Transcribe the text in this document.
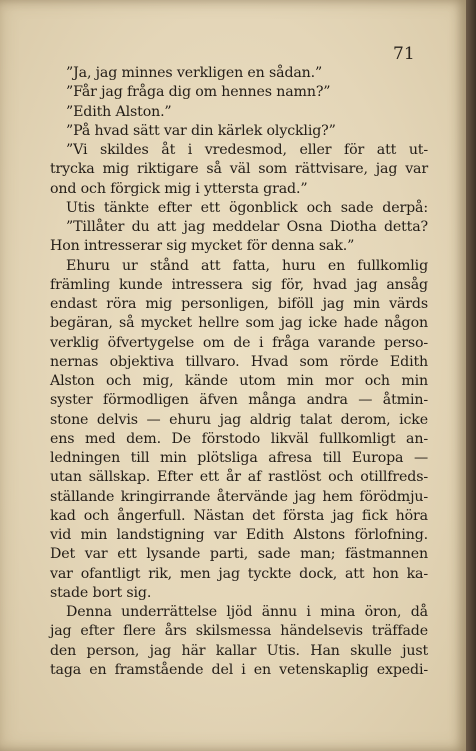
71
”Ja, jag minnes verkligen en sådan.”
”Får jag fråga dig om hennes namn?”
”Edith Alston.”
”På hvad sätt var din kärlek olycklig?”
”Vi skildes åt i vredesmod, eller för att ut-
trycka mig riktigare så väl som rättvisare, jag var
ond och förgick mig i yttersta grad.”
Utis tänkte efter ett ögonblick och sade derpå:
”Tillåter du att jag meddelar Osna Diotha detta?
Hon intresserar sig mycket för denna sak.”
Ehuru ur stånd att fatta, huru en fullkomlig
främling kunde intressera sig för, hvad jag ansåg
endast röra mig personligen, biföll jag min värds
begäran, så mycket hellre som jag icke hade någon
verklig öfvertygelse om de i fråga varande perso-
nernas objektiva tillvaro. Hvad som rörde Edith
Alston och mig, kände utom min mor och min
syster förmodligen äfven många andra — åtmin-
stone delvis — ehuru jag aldrig talat derom, icke
ens med dem. De förstodo likväl fullkomligt an-
ledningen till min plötsliga afresa till Europa —
utan sällskap. Efter ett år af rastlöst och otillfreds-
ställande kringirrande återvände jag hem förödmju-
kad och ångerfull. Nästan det första jag fick höra
vid min landstigning var Edith Alstons förlofning.
Det var ett lysande parti, sade man; fästmannen
var ofantligt rik, men jag tyckte dock, att hon ka-
stade bort sig.
Denna underrättelse ljöd ännu i mina öron, då
jag efter flere års skilsmessa händelsevis träffade
den person, jag här kallar Utis. Han skulle just
taga en framstående del i en vetenskaplig expedi-
